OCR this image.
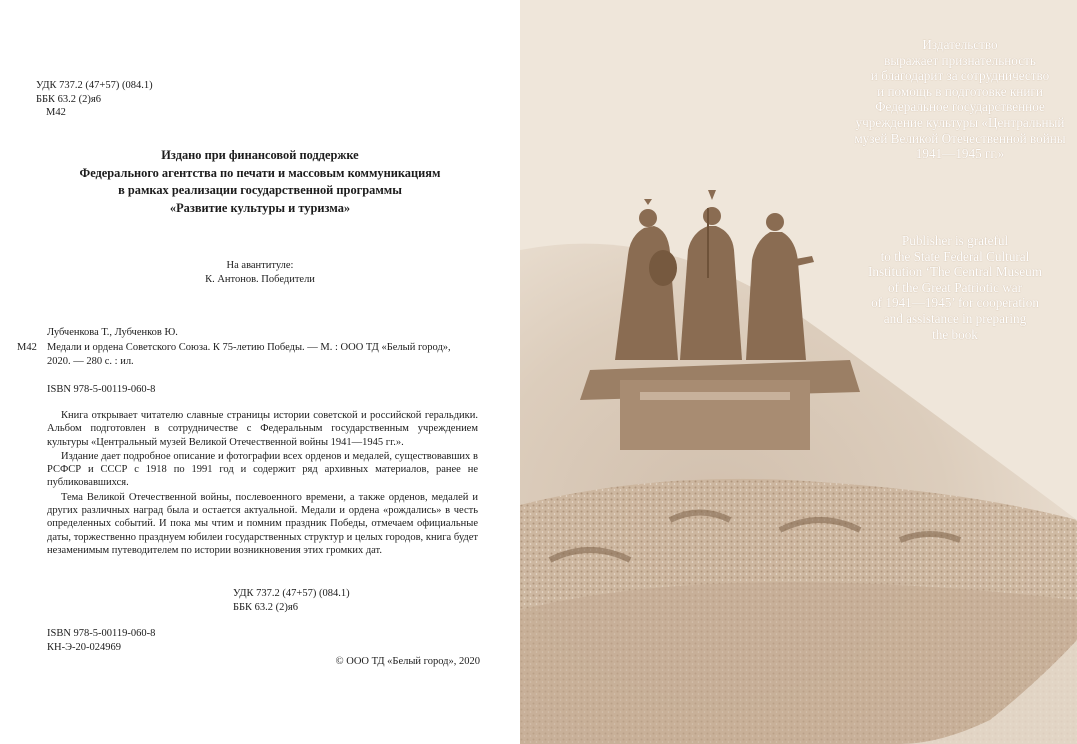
УДК 737.2 (47+57) (084.1)
ББК 63.2 (2)я6
М42
Издано при финансовой поддержке
Федерального агентства по печати и массовым коммуникациям
в рамках реализации государственной программы
«Развитие культуры и туризма»
На авантитуле:
К. Антонов. Победители
Лубченкова Т., Лубченков Ю.
М42 Медали и ордена Советского Союза. К 75-летию Победы. — М. : ООО ТД «Белый город»,
2020. — 280 с. : ил.
ISBN 978-5-00119-060-8

Книга открывает читателю славные страницы истории советской и российской геральдики. Альбом подготовлен в сотрудничестве с Федеральным государственным учреждением культуры «Центральный музей Великой Отечественной войны 1941—1945 гг.».

Издание дает подробное описание и фотографии всех орденов и медалей, существовавших в РСФСР и СССР с 1918 по 1991 год и содержит ряд архивных материалов, ранее не публиковавшихся.

Тема Великой Отечественной войны, послевоенного времени, а также орденов, медалей и других различных наград была и остается актуальной. Медали и ордена «рождались» в честь определенных событий. И пока мы чтим и помним праздник Победы, отмечаем официальные даты, торжественно празднуем юбилеи государственных структур и целых городов, книга будет незаменимым путеводителем по истории возникновения этих громких дат.

УДК 737.2 (47+57) (084.1)
ББК 63.2 (2)я6
ISBN 978-5-00119-060-8
КН-Э-20-024969
© ООО ТД «Белый город», 2020
Издательство
выражает признательность
и благодарит за сотрудничество
и помощь в подготовке книги
Федеральное государственное
учреждение культуры «Центральный
музей Великой Отечественной войны
1941—1945 гг.»
Publisher is grateful
to the State Federal Cultural
Institution ‘The Central Museum
of the Great Patriotic war
of 1941—1945’ for cooperation
and assistance in preparing
the book
